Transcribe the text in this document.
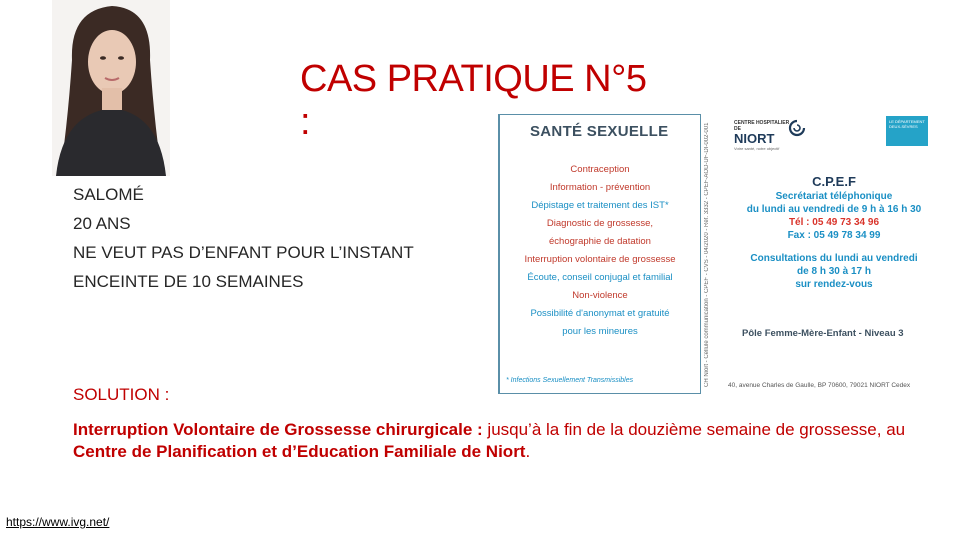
CAS PRATIQUE N°5 :
SALOMÉ
20 ANS
NE VEUT PAS D’ENFANT POUR L’INSTANT
ENCEINTE DE 10 SEMAINES
SANTÉ SEXUELLE
Contraception
Information - prévention
Dépistage et traitement des IST*
Diagnostic de grossesse,
échographie de datation
Interruption volontaire de grossesse
Écoute, conseil conjugal et familial
Non-violence
Possibilité d'anonymat et gratuité
pour les mineures
* Infections Sexuellement Transmissibles	CH Niort - Cellule communication - CPEF - CVS - 04/2020 - Réf. 3332 - CPEF-AOD-UF-DI-002-001	CENTRE HOSPITALIER
DE
NIORT
Votre santé, notre objectif
LE DÉPARTEMENT DEUX-SÈVRES
C.P.E.F
Secrétariat téléphonique
du lundi au vendredi de 9 h à 16 h 30
Tél : 05 49 73 34 96
Fax : 05 49 78 34 99
Consultations du lundi au vendredi
de 8 h 30 à 17 h
sur rendez-vous
Pôle Femme-Mère-Enfant - Niveau 3
40, avenue Charles de Gaulle, BP 70600, 79021 NIORT Cedex
SOLUTION :
Interruption Volontaire de Grossesse chirurgicale : jusqu’à la fin de la douzième semaine de grossesse, au Centre de Planification et d’Education Familiale de Niort.
https://www.ivg.net/
